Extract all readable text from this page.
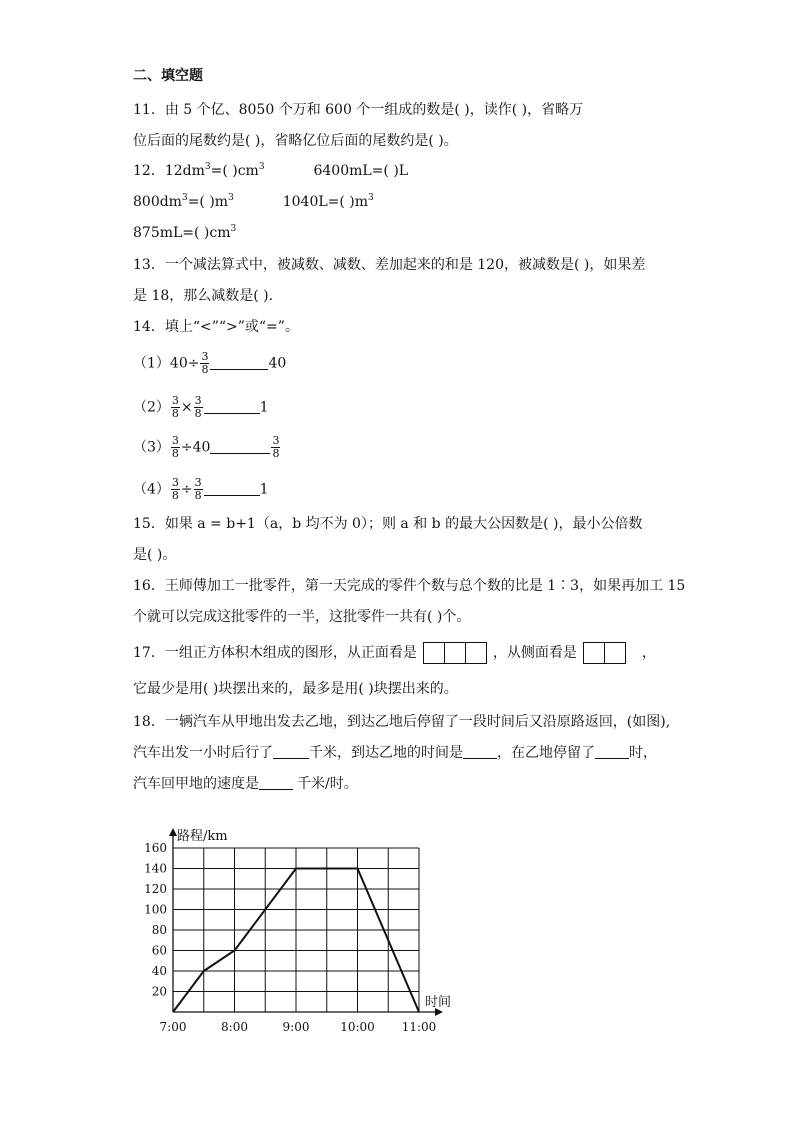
二、填空题
11．由 5 个亿、8050 个万和 600 个一组成的数是( )，读作( )，省略万
位后面的尾数约是( )，省略亿位后面的尾数约是( )。
12．$12dm^3=$( )$cm^3$	6400mL=( )L
$800dm^3=$( )$m^3$	1040L=( )$m^3$
875mL=( )$cm^3$
13．一个减法算式中，被减数、减数、差加起来的和是 120，被减数是( )，如果差
是 18，那么减数是( ).
14．填上“<”“>”或“=”。
$(1)40\div \frac{3}{8}$	40
$(2) \frac{3}{8} \times \frac{3}{8}$	1
$(3) \frac{3}{8} \div 40$	$\frac{3}{8}$
$(4) \frac{3}{8} \div \frac{3}{8}$	1
15．如果 a = b+1（a，b 均不为 0）；则 a 和 b 的最大公因数是( )，最小公倍数
是( )。
16．王师傅加工一批零件，第一天完成的零件个数与总个数的比是 1∶3，如果再加工 15
个就可以完成这批零件的一半，这批零件一共有( )个。
17．一组正方体积木组成的图形，从正面看是	，从侧面看是	，
它最少是用( )块摆出来的，最多是用( )块摆出来的。
18．一辆汽车从甲地出发去乙地，到达乙地后停留了一段时间后又沿原路返回，(如图),
汽车出发一小时后行了	千米，到达乙地的时间是 ，在乙地停留了 时，
汽车回甲地的速度是	千米/时。
20
40
60
80
100
120
140
160
7:00	8:00	9:00	10:00 11:00
路程/km
时间
